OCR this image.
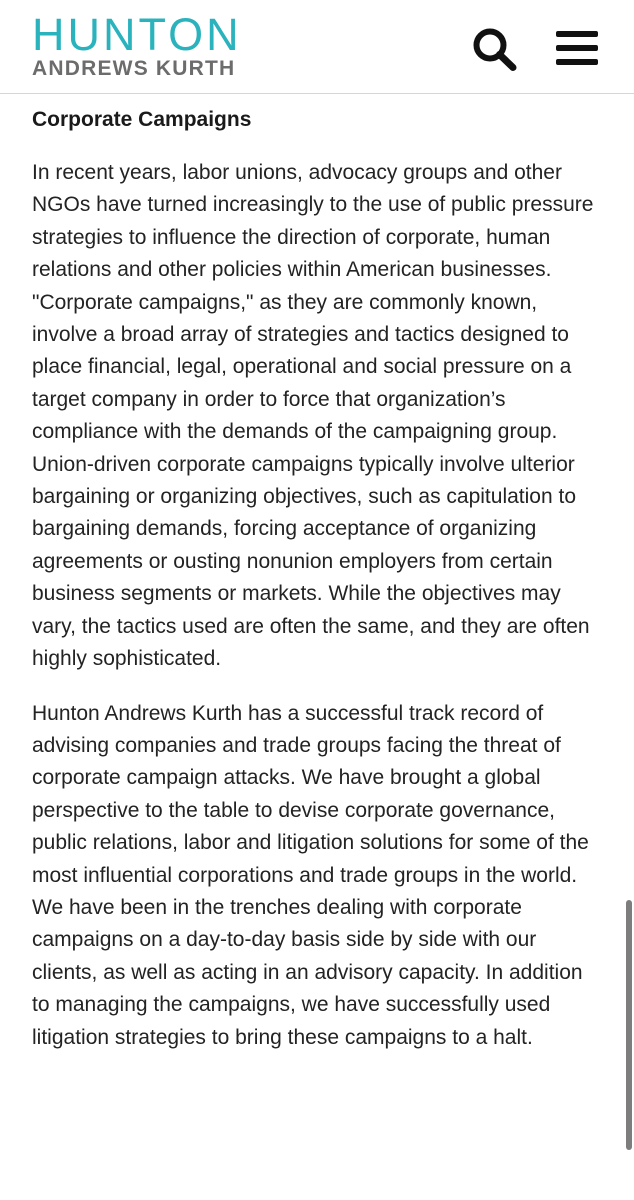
HUNTON
ANDREWS KURTH
Corporate Campaigns

In recent years, labor unions, advocacy groups and other NGOs have turned increasingly to the use of public pressure strategies to influence the direction of corporate, human relations and other policies within American businesses. "Corporate campaigns," as they are commonly known, involve a broad array of strategies and tactics designed to place financial, legal, operational and social pressure on a target company in order to force that organization’s compliance with the demands of the campaigning group. Union-driven corporate campaigns typically involve ulterior bargaining or organizing objectives, such as capitulation to bargaining demands, forcing acceptance of organizing agreements or ousting nonunion employers from certain business segments or markets. While the objectives may vary, the tactics used are often the same, and they are often highly sophisticated.

Hunton Andrews Kurth has a successful track record of advising companies and trade groups facing the threat of corporate campaign attacks. We have brought a global perspective to the table to devise corporate governance, public relations, labor and litigation solutions for some of the most influential corporations and trade groups in the world. We have been in the trenches dealing with corporate campaigns on a day-to-day basis side by side with our clients, as well as acting in an advisory capacity. In addition to managing the campaigns, we have successfully used litigation strategies to bring these campaigns to a halt.
